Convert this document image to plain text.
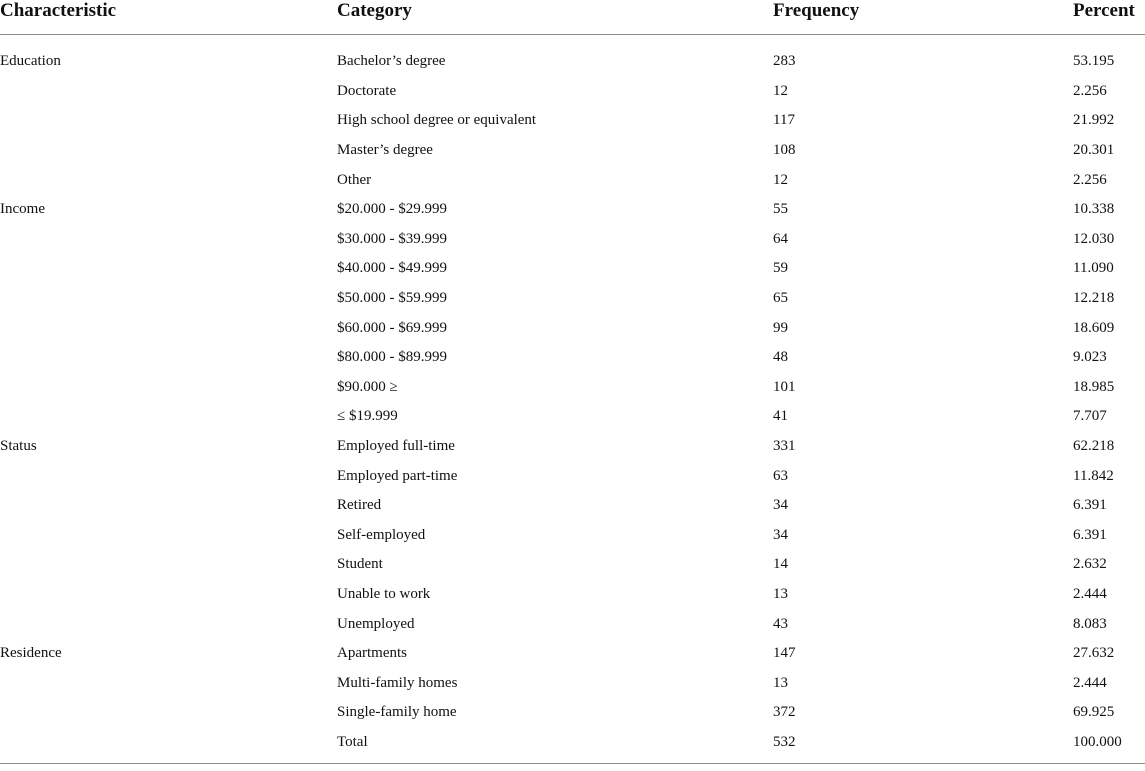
Characteristic	Category	Frequency	Percent
Education	Bachelor’s degree	283	53.195
	Doctorate	12	2.256
	High school degree or equivalent	117	21.992
	Master’s degree	108	20.301
	Other	12	2.256
Income	$20.000 - $29.999	55	10.338
	$30.000 - $39.999	64	12.030
	$40.000 - $49.999	59	11.090
	$50.000 - $59.999	65	12.218
	$60.000 - $69.999	99	18.609
	$80.000 - $89.999	48	9.023
	$90.000 ≥	101	18.985
	≤ $19.999	41	7.707
Status	Employed full-time	331	62.218
	Employed part-time	63	11.842
	Retired	34	6.391
	Self-employed	34	6.391
	Student	14	2.632
	Unable to work	13	2.444
	Unemployed	43	8.083
Residence	Apartments	147	27.632
	Multi-family homes	13	2.444
	Single-family home	372	69.925
	Total	532	100.000
